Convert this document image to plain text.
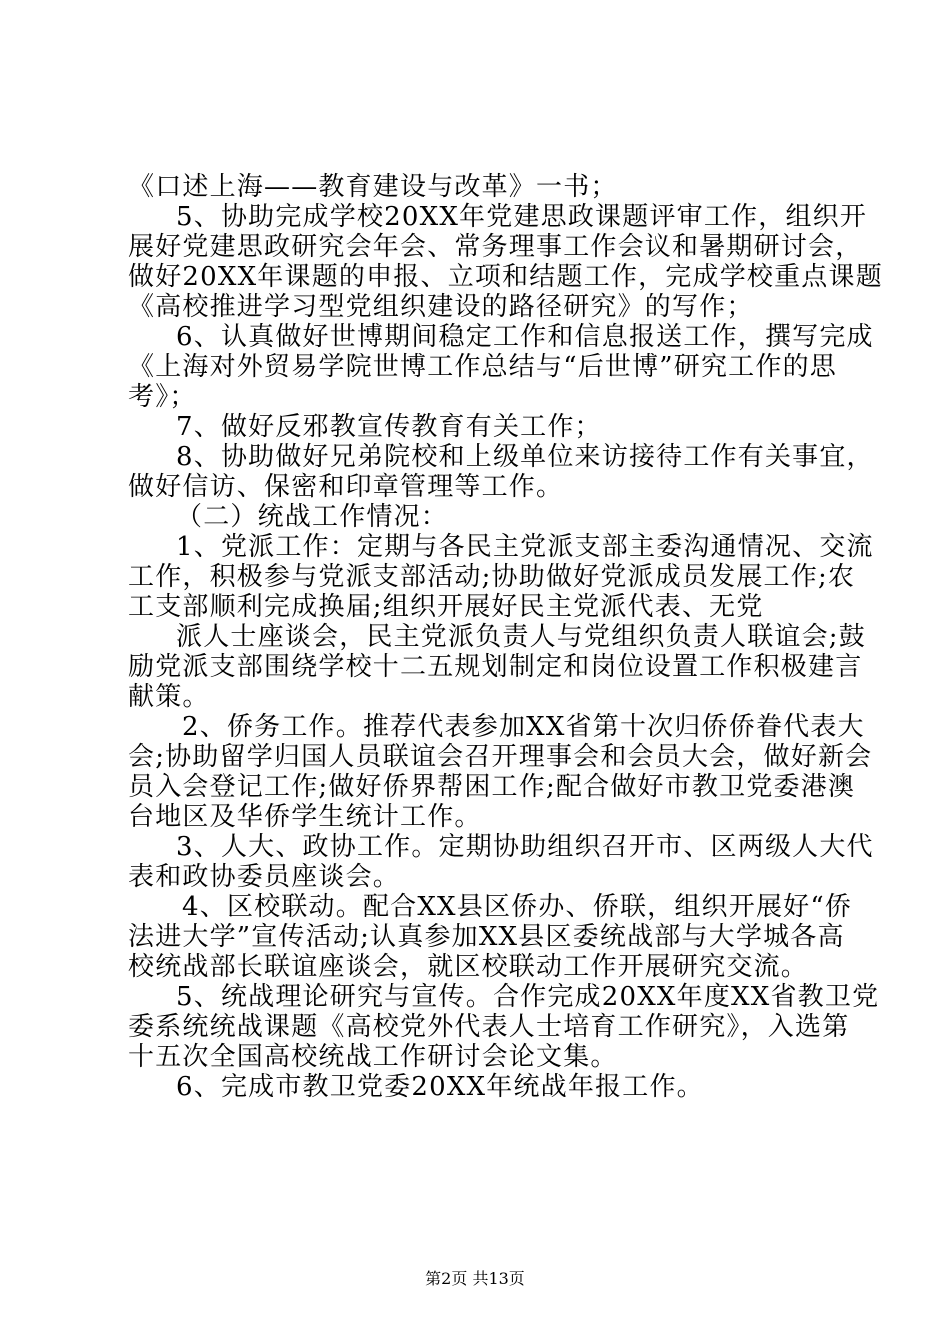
《口述上海——教育建设与改革》一书；
5、协助完成学校20XX年党建思政课题评审工作，组织开
展好党建思政研究会年会、常务理事工作会议和暑期研讨会，
做好20XX年课题的申报、立项和结题工作，完成学校重点课题
《高校推进学习型党组织建设的路径研究》的写作；
6、认真做好世博期间稳定工作和信息报送工作，撰写完成
《上海对外贸易学院世博工作总结与“后世博”研究工作的思
考》；
7、做好反邪教宣传教育有关工作；
8、协助做好兄弟院校和上级单位来访接待工作有关事宜，
做好信访、保密和印章管理等工作。
（二）统战工作情况：
1、党派工作：定期与各民主党派支部主委沟通情况、交流
工作，积极参与党派支部活动;协助做好党派成员发展工作;农
工支部顺利完成换届;组织开展好民主党派代表、无党
派人士座谈会，民主党派负责人与党组织负责人联谊会;鼓
励党派支部围绕学校十二五规划制定和岗位设置工作积极建言
献策。
2、侨务工作。推荐代表参加XX省第十次归侨侨眷代表大
会;协助留学归国人员联谊会召开理事会和会员大会，做好新会
员入会登记工作;做好侨界帮困工作;配合做好市教卫党委港澳
台地区及华侨学生统计工作。
3、人大、政协工作。定期协助组织召开市、区两级人大代
表和政协委员座谈会。
4、区校联动。配合XX县区侨办、侨联，组织开展好“侨
法进大学”宣传活动;认真参加XX县区委统战部与大学城各高
校统战部长联谊座谈会，就区校联动工作开展研究交流。
5、统战理论研究与宣传。合作完成20XX年度XX省教卫党
委系统统战课题《高校党外代表人士培育工作研究》，入选第
十五次全国高校统战工作研讨会论文集。
6、完成市教卫党委20XX年统战年报工作。
第2页 共13页
